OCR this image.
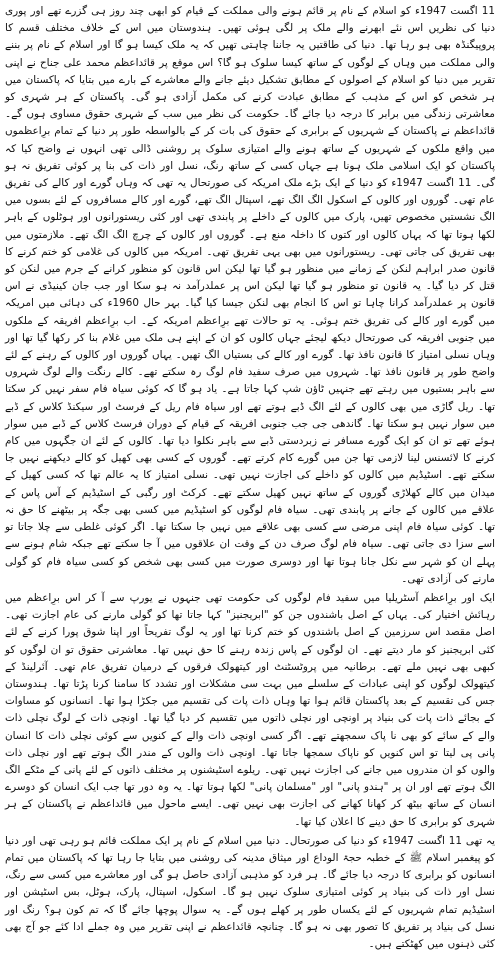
11 اگست 1947ء کو اسلام کے نام پر قائم ہونے والی مملکت کے قیام کو ابھی چند روز ہی گزرے تھے اور پوری دنیا کی نظریں اس نئے ابھرنے والے ملک پر لگی ہوئی تھیں۔ ہندوستان میں اس کے خلاف مختلف قسم کا پروپیگنڈہ بھی ہو رہا تھا۔ دنیا کی طاقتیں یہ جاننا چاہتی تھیں کہ یہ ملک کیسا ہو گا اور اسلام کے نام پر بننے والی مملکت میں وہاں کے لوگوں کے ساتھ کیسا سلوک ہو گا؟ اس موقع پر قائداعظم محمد علی جناح نے اپنی تقریر میں دنیا کو اسلام کے اصولوں کے مطابق تشکیل دیئے جانے والے معاشرے کے بارے میں بتایا کہ پاکستان میں ہر شخص کو اس کے مذہب کے مطابق عبادت کرنے کی مکمل آزادی ہو گی۔ پاکستان کے ہر شہری کو معاشرتی زندگی میں برابر کا درجہ دیا جائے گا۔ حکومت کی نظر میں سب کے شہری حقوق مساوی ہوں گے۔ قائداعظم نے پاکستان کے شہریوں کے برابری کے حقوق کی بات کر کے بالواسطہ طور پر دنیا کے تمام برِاعظموں میں واقع ملکوں کے شہریوں کے ساتھ ہونے والے امتیازی سلوک پر روشنی ڈالی تھی انہوں نے واضح کیا کہ پاکستان کو ایک اسلامی ملک ہونا ہے جہاں کسی کے ساتھ رنگ، نسل اور ذات کی بنا پر کوئی تفریق نہ ہو گی۔ 11 اگست 1947ء کو دنیا کے ایک بڑے ملک امریکہ کی صورتحال یہ تھی کہ وہاں گورے اور کالے کی تفریق عام تھی۔ گوروں اور کالوں کے اسکول الگ الگ تھے، اسپتال الگ تھے، گورے اور کالے مسافروں کے لئے بسوں میں الگ نشستیں مخصوص تھیں، پارک میں کالوں کے داخلے پر پابندی تھی اور کئی ریستورانوں اور ہوٹلوں کے باہر لکھا ہوتا تھا کہ یہاں کالوں اور کتوں کا داخلہ منع ہے۔ گوروں اور کالوں کے چرچ الگ الگ تھے۔ ملازمتوں میں بھی تفریق کی جاتی تھی۔ ریستورانوں میں بھی یہی تفریق تھی۔ امریکہ میں کالوں کی غلامی کو ختم کرنے کا قانون صدر ابراہم لنکن کے زمانے میں منظور ہو گیا تھا لیکن اس قانون کو منظور کرانے کے جرم میں لنکن کو قتل کر دیا گیا۔ یہ قانون تو منظور ہو گیا تھا لیکن اس پر عملدرآمد نہ ہو سکا اور جب جان کینیڈی نے اس قانون پر عملدرآمد کرانا چاہا تو اس کا انجام بھی لنکن جیسا کیا گیا۔ بہر حال 1960ء کی دہائی میں امریکہ میں گورے اور کالے کی تفریق ختم ہوئی۔ یہ تو حالات تھے برِاعظم امریکہ کے۔ اب برِاعظم افریقہ کے ملکوں میں جنوبی افریقہ کی صورتحال دیکھ لیجئے جہاں کالوں کو ان کے اپنے ہی ملک میں غلام بنا کر رکھا گیا تھا اور وہاں نسلی امتیاز کا قانون نافذ تھا۔ گورے اور کالے کی بستیاں الگ تھیں۔ یہاں گوروں اور کالوں کے رہنے کے لئے واضح طور پر قانون نافذ تھا۔ شہروں میں صرف سفید فام لوگ رہ سکتے تھے۔ کالے رنگت والے لوگ شہروں سے باہر بستیوں میں رہتے تھے جنہیں ٹاؤن شپ کہا جاتا ہے۔ یاد ہو گا کہ کوئی سیاہ فام سفر نہیں کر سکتا تھا۔ ریل گاڑی میں بھی کالوں کے لئے الگ ڈبے ہوتے تھے اور سیاہ فام ریل کے فرسٹ اور سیکنڈ کلاس کے ڈبے میں سوار نہیں ہو سکتا تھا۔ گاندھی جی جب جنوبی افریقہ کے قیام کے دوران فرسٹ کلاس کے ڈبے میں سوار ہوئے تھے تو ان کو ایک گورے مسافر نے زبردستی ڈبے سے باہر نکلوا دیا تھا۔ کالوں کے لئے ان جگہوں میں کام کرنے کا لائسنس لینا لازمی تھا جن میں گورے کام کرتے تھے۔ گوروں کے کسی بھی کھیل کو کالے دیکھنے نہیں جا سکتے تھے۔ اسٹیڈیم میں کالوں کو داخلے کی اجازت نہیں تھی۔ نسلی امتیاز کا یہ عالم تھا کہ کسی کھیل کے میدان میں کالے کھلاڑی گوروں کے ساتھ نہیں کھیل سکتے تھے۔ کرکٹ اور رگبی کے اسٹیڈیم کے آس پاس کے علاقے میں کالوں کے جانے پر پابندی تھی۔ سیاہ فام لوگوں کو اسٹیڈیم میں کسی بھی جگہ پر بیٹھنے کا حق نہ تھا۔ کوئی سیاہ فام اپنی مرضی سے کسی بھی علاقے میں نہیں جا سکتا تھا۔ اگر کوئی غلطی سے چلا جاتا تو اسے سزا دی جاتی تھی۔ سیاہ فام لوگ صرف دن کے وقت ان علاقوں میں آ جا سکتے تھے جبکہ شام ہونے سے پہلے ان کو شہر سے نکل جانا ہوتا تھا اور دوسری صورت میں کسی بھی شخص کو کسی سیاہ فام کو گولی مارنے کی آزادی تھی۔

ایک اور برِاعظم آسٹریلیا میں سفید فام لوگوں کی حکومت تھی جنہوں نے یورپ سے آ کر اس برِاعظم میں رہائش اختیار کی۔ یہاں کے اصل باشندوں جن کو "ابریجنیز" کہا جاتا تھا کو گولی مارنے کی عام اجازت تھی۔ اصل مقصد اس سرزمین کے اصل باشندوں کو ختم کرنا تھا اور یہ لوگ تفریحاً اور اپنا شوق پورا کرنے کے لئے کئی ابریجنیز کو مار دیتے تھے۔ ان لوگوں کے پاس زندہ رہنے کا حق نہیں تھا۔ معاشرتی حقوق تو ان لوگوں کو کبھی بھی نہیں ملے تھے۔ برطانیہ میں پروٹسٹنٹ اور کیتھولک فرقوں کے درمیان تفریق عام تھی۔ آئرلینڈ کے کیتھولک لوگوں کو اپنی عبادات کے سلسلے میں بہت سی مشکلات اور تشدد کا سامنا کرنا پڑتا تھا۔ ہندوستان جس کی تقسیم کے بعد پاکستان قائم ہوا تھا وہاں ذات پات کی تقسیم میں جکڑا ہوا تھا۔ انسانوں کو مساوات کے بجائے ذات پات کی بنیاد پر اونچی اور نچلی ذاتوں میں تقسیم کر دیا گیا تھا۔ اونچی ذات کے لوگ نچلی ذات والے کے سائے کو بھی نا پاک سمجھتے تھے۔ اگر کسی اونچی ذات والے کے کنویں سے کوئی نچلی ذات کا انسان پانی پی لیتا تو اس کنویں کو ناپاک سمجھا جاتا تھا۔ اونچی ذات والوں کے مندر الگ ہوتے تھے اور نچلی ذات والوں کو ان مندروں میں جانے کی اجازت نہیں تھی۔ ریلوے اسٹیشنوں پر مختلف ذاتوں کے لئے پانی کے مٹکے الگ الگ ہوتے تھے اور ان پر "ہندو پانی" اور "مسلمان پانی" لکھا ہوتا تھا۔ یہ وہ دور تھا جب ایک انسان کو دوسرے انسان کے ساتھ بیٹھ کر کھانا کھانے کی اجازت بھی نہیں تھی۔ ایسے ماحول میں قائداعظم نے پاکستان کے ہر شہری کو برابری کا حق دینے کا اعلان کیا تھا۔

یہ تھی 11 اگست 1947ء کو دنیا کی صورتحال۔ دنیا میں اسلام کے نام پر ایک مملکت قائم ہو رہی تھی اور دنیا کو پیغمبر اسلام ﷺ کے خطبہ حجۃ الوداع اور میثاق مدینہ کی روشنی میں بتایا جا رہا تھا کہ پاکستان میں تمام انسانوں کو برابری کا درجہ دیا جائے گا۔ ہر فرد کو مذہبی آزادی حاصل ہو گی اور معاشرے میں کسی سے رنگ، نسل اور ذات کی بنیاد پر کوئی امتیازی سلوک نہیں ہو گا۔ اسکول، اسپتال، پارک، ہوٹل، بس اسٹیشن اور اسٹیڈیم تمام شہریوں کے لئے یکساں طور پر کھلے ہوں گے۔ یہ سوال پوچھا جائے گا کہ تم کون ہو؟ رنگ اور نسل کی بنیاد پر تفریق کا تصور بھی نہ ہو گا۔ چنانچہ قائداعظم نے اپنی تقریر میں وہ جملے ادا کئے جو آج بھی کئی ذہنوں میں کھٹکتے ہیں۔
